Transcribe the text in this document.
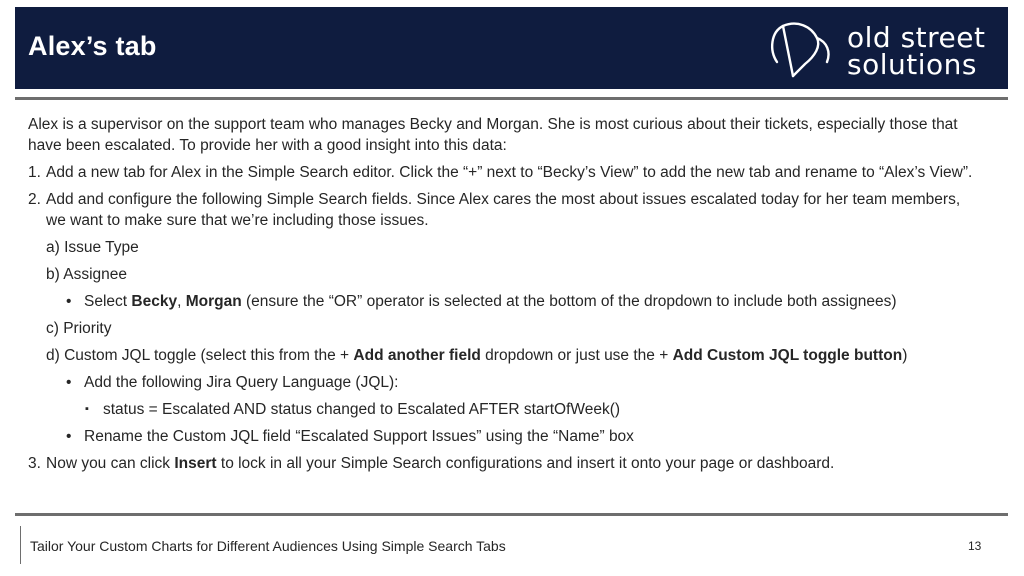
Alex’s tab	old street
solutions

Alex is a supervisor on the support team who manages Becky and Morgan. She is most curious about their tickets, especially those that have been escalated. To provide her with a good insight into this data:

1. Add a new tab for Alex in the Simple Search editor. Click the “+” next to “Becky’s View” to add the new tab and rename to “Alex’s View”.

2. Add and configure the following Simple Search fields. Since Alex cares the most about issues escalated today for her team members, we want to make sure that we’re including those issues.

a) Issue Type

b) Assignee

• Select Becky, Morgan (ensure the “OR” operator is selected at the bottom of the dropdown to include both assignees)

c) Priority

d) Custom JQL toggle (select this from the + Add another field dropdown or just use the + Add Custom JQL toggle button)

• Add the following Jira Query Language (JQL):

▪ status = Escalated AND status changed to Escalated AFTER startOfWeek()

• Rename the Custom JQL field “Escalated Support Issues” using the “Name” box

3. Now you can click Insert to lock in all your Simple Search configurations and insert it onto your page or dashboard.

Tailor Your Custom Charts for Different Audiences Using Simple Search Tabs	13
